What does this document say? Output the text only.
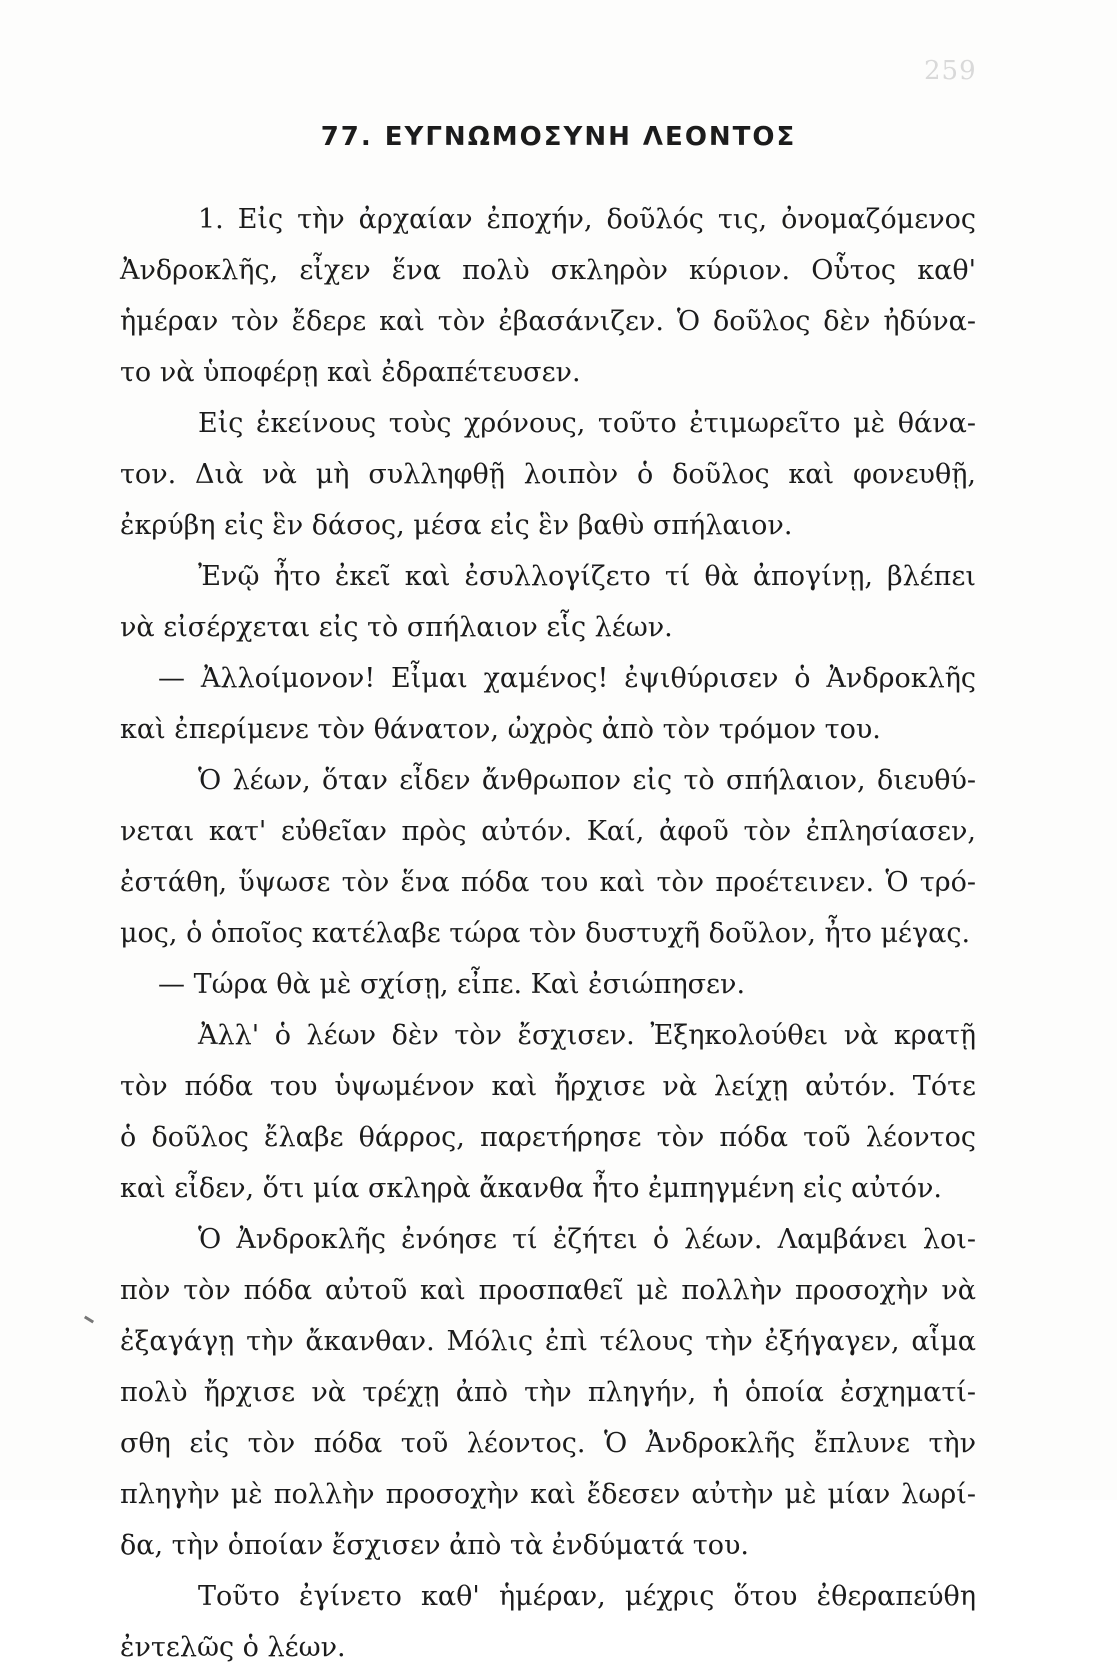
259
77. ΕΥΓΝΩΜΟΣΥΝΗ ΛΕΟΝΤΟΣ
1. Εἰς τὴν ἀρχαίαν ἐποχήν, δοῦλός τις, ὀνομαζόμενος
Ἀνδροκλῆς, εἶχεν ἕνα πολὺ σκληρὸν κύριον. Οὗτος καθ'
ἡμέραν τὸν ἔδερε καὶ τὸν ἐβασάνιζεν. Ὁ δοῦλος δὲν ἠδύνα-
το νὰ ὑποφέρῃ καὶ ἐδραπέτευσεν.
Εἰς ἐκείνους τοὺς χρόνους, τοῦτο ἐτιμωρεῖτο μὲ θάνα-
τον. Διὰ νὰ μὴ συλληφθῇ λοιπὸν ὁ δοῦλος καὶ φονευθῇ,
ἐκρύβη εἰς ἓν δάσος, μέσα εἰς ἓν βαθὺ σπήλαιον.
Ἐνῷ ἦτο ἐκεῖ καὶ ἐσυλλογίζετο τί θὰ ἀπογίνῃ, βλέπει
νὰ εἰσέρχεται εἰς τὸ σπήλαιον εἷς λέων.
— Ἀλλοίμονον! Εἶμαι χαμένος! ἐψιθύρισεν ὁ Ἀνδροκλῆς
καὶ ἐπερίμενε τὸν θάνατον, ὠχρὸς ἀπὸ τὸν τρόμον του.
Ὁ λέων, ὅταν εἶδεν ἄνθρωπον εἰς τὸ σπήλαιον, διευθύ-
νεται κατ' εὐθεῖαν πρὸς αὐτόν. Καί, ἀφοῦ τὸν ἐπλησίασεν,
ἐστάθη, ὕψωσε τὸν ἕνα πόδα του καὶ τὸν προέτεινεν. Ὁ τρό-
μος, ὁ ὁποῖος κατέλαβε τώρα τὸν δυστυχῆ δοῦλον, ἦτο μέγας.
— Τώρα θὰ μὲ σχίσῃ, εἶπε. Καὶ ἐσιώπησεν.
Ἀλλ' ὁ λέων δὲν τὸν ἔσχισεν. Ἐξηκολούθει νὰ κρατῇ
τὸν πόδα του ὑψωμένον καὶ ἤρχισε νὰ λείχῃ αὐτόν. Τότε
ὁ δοῦλος ἔλαβε θάρρος, παρετήρησε τὸν πόδα τοῦ λέοντος
καὶ εἶδεν, ὅτι μία σκληρὰ ἄκανθα ἦτο ἐμπηγμένη εἰς αὐτόν.
Ὁ Ἀνδροκλῆς ἐνόησε τί ἐζήτει ὁ λέων. Λαμβάνει λοι-
πὸν τὸν πόδα αὐτοῦ καὶ προσπαθεῖ μὲ πολλὴν προσοχὴν νὰ
ἐξαγάγῃ τὴν ἄκανθαν. Μόλις ἐπὶ τέλους τὴν ἐξήγαγεν, αἷμα
πολὺ ἤρχισε νὰ τρέχῃ ἀπὸ τὴν πληγήν, ἡ ὁποία ἐσχηματί-
σθη εἰς τὸν πόδα τοῦ λέοντος. Ὁ Ἀνδροκλῆς ἔπλυνε τὴν
πληγὴν μὲ πολλὴν προσοχὴν καὶ ἔδεσεν αὐτὴν μὲ μίαν λωρί-
δα, τὴν ὁποίαν ἔσχισεν ἀπὸ τὰ ἐνδύματά του.
Τοῦτο ἐγίνετο καθ' ἡμέραν, μέχρις ὅτου ἐθεραπεύθη
ἐντελῶς ὁ λέων.
